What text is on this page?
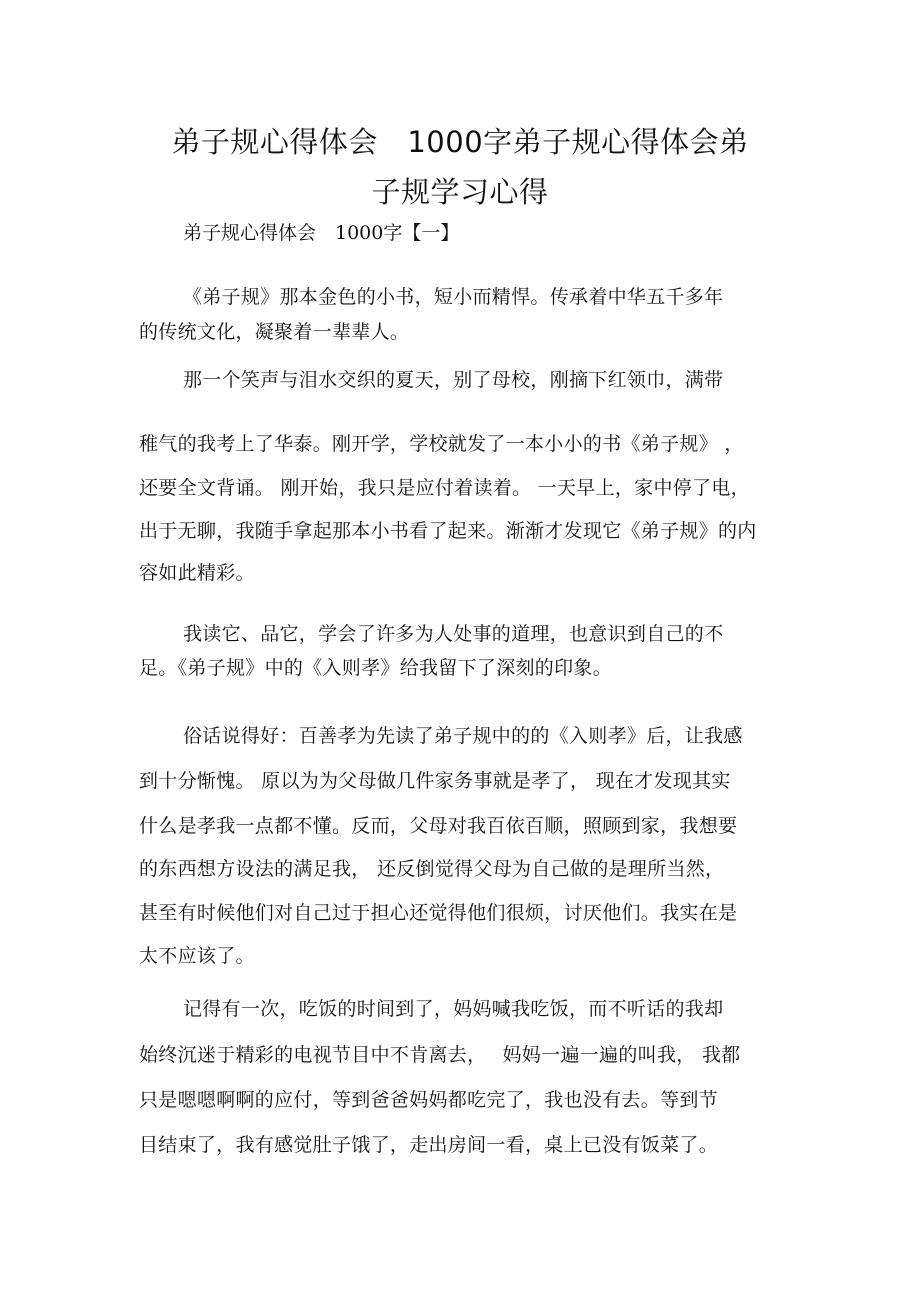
弟子规心得体会　1000字弟子规心得体会弟
子规学习心得
弟子规心得体会　1000字【一】
《弟子规》那本金色的小书，短小而精悍。传承着中华五千多年
的传统文化，凝聚着一辈辈人。
那一个笑声与泪水交织的夏天，别了母校，刚摘下红领巾，满带
稚气的我考上了华泰。刚开学，学校就发了一本小小的书《弟子规》 ，
还要全文背诵。 刚开始，我只是应付着读着。 一天早上，家中停了电，
出于无聊，我随手拿起那本小书看了起来。渐渐才发现它《弟子规》的内
容如此精彩。
我读它、品它，学会了许多为人处事的道理，也意识到自己的不
足。《弟子规》中的《入则孝》给我留下了深刻的印象。
俗话说得好：百善孝为先读了弟子规中的的《入则孝》后，让我感
到十分惭愧。 原以为为父母做几件家务事就是孝了， 现在才发现其实
什么是孝我一点都不懂。反而，父母对我百依百顺，照顾到家，我想要
的东西想方设法的满足我， 还反倒觉得父母为自己做的是理所当然，
甚至有时候他们对自己过于担心还觉得他们很烦，讨厌他们。我实在是
太不应该了。
记得有一次，吃饭的时间到了，妈妈喊我吃饭，而不听话的我却
始终沉迷于精彩的电视节目中不肯离去，　 妈妈一遍一遍的叫我， 我都
只是嗯嗯啊啊的应付，等到爸爸妈妈都吃完了，我也没有去。等到节
目结束了，我有感觉肚子饿了，走出房间一看，桌上已没有饭菜了。
